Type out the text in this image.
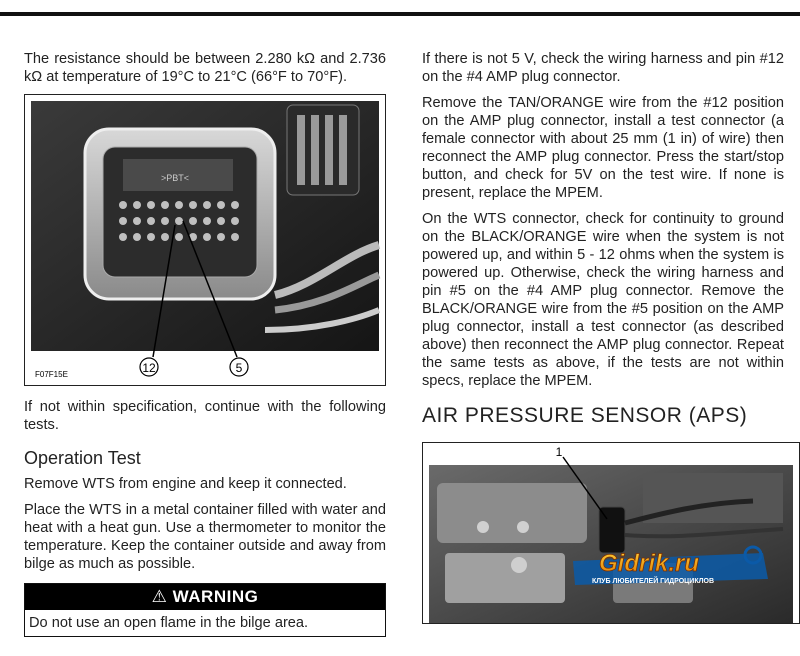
The resistance should be between 2.280 kΩ and 2.736 kΩ at temperature of 19°C to 21°C (66°F to 70°F).

>PBT<
12	5
F07F15E

If not within specification, continue with the following tests.

Operation Test

Remove WTS from engine and keep it connected.

Place the WTS in a metal container filled with water and heat with a heat gun. Use a thermometer to monitor the temperature. Keep the container outside and away from bilge as much as possible.

⚠ WARNING
Do not use an open flame in the bilge area.

If there is not 5 V, check the wiring harness and pin #12 on the #4 AMP plug connector.

Remove the TAN/ORANGE wire from the #12 position on the AMP plug connector, install a test connector (a female connector with about 25 mm (1 in) of wire) then reconnect the AMP plug connector. Press the start/stop button, and check for 5V on the test wire. If none is present, replace the MPEM.

On the WTS connector, check for continuity to ground on the BLACK/ORANGE wire when the system is not powered up, and within 5 - 12 ohms when the system is powered up. Otherwise, check the wiring harness and pin #5 on the #4 AMP plug connector. Remove the BLACK/ORANGE wire from the #5 position on the AMP plug connector, install a test connector (as described above) then reconnect the AMP plug connector. Repeat the same tests as above, if the tests are not within specs, replace the MPEM.

AIR PRESSURE SENSOR (APS)
1
Gidrik.ru
КЛУБ ЛЮБИТЕЛЕЙ ГИДРОЦИКЛОВ
